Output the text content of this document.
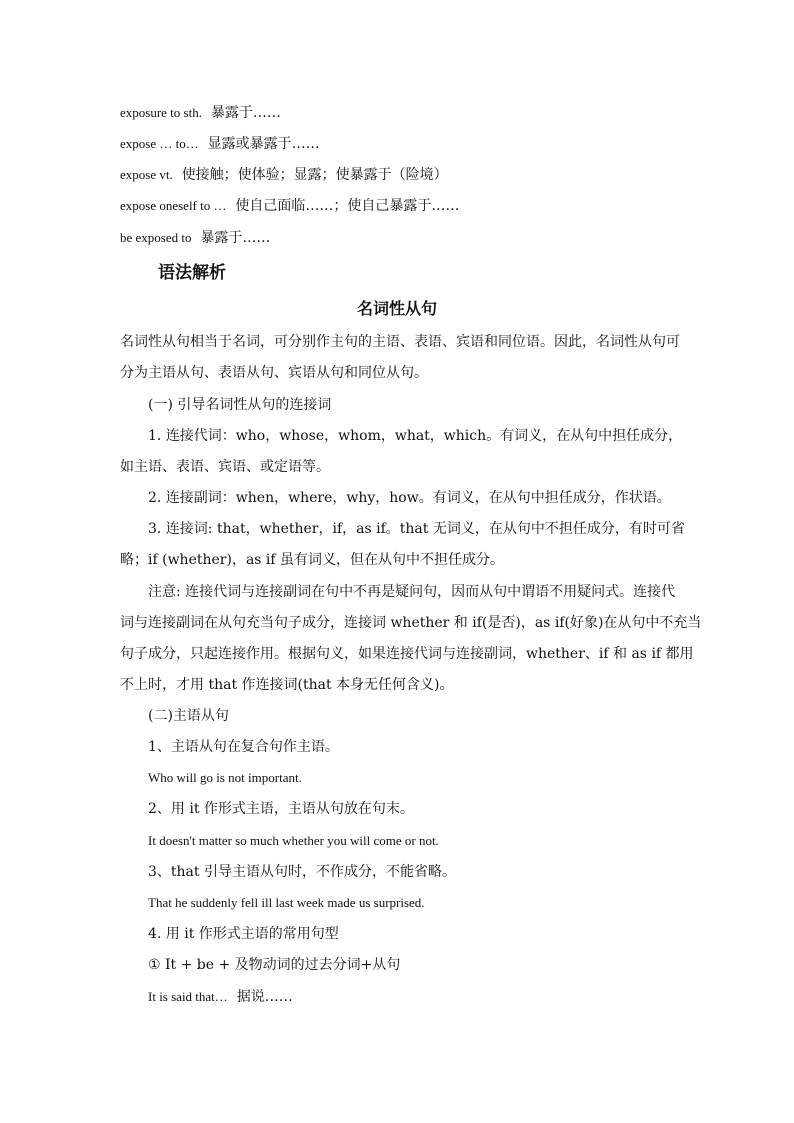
exposure to sth. 暴露于……
expose … to… 显露或暴露于……
expose vt. 使接触；使体验；显露；使暴露于（险境）
expose oneself to … 使自己面临……；使自己暴露于……
be exposed to 暴露于……
语法解析
名词性从句
名词性从句相当于名词，可分别作主句的主语、表语、宾语和同位语。因此，名词性从句可
分为主语从句、表语从句、宾语从句和同位从句。
(一) 引导名词性从句的连接词
1. 连接代词：who，whose，whom，what，which。有词义，在从句中担任成分，
如主语、表语、宾语、或定语等。
2. 连接副词：when，where，why，how。有词义，在从句中担任成分，作状语。
3. 连接词: that，whether，if，as if。that 无词义，在从句中不担任成分，有时可省
略；if (whether)，as if 虽有词义，但在从句中不担任成分。
注意: 连接代词与连接副词在句中不再是疑问句，因而从句中谓语不用疑问式。连接代
词与连接副词在从句充当句子成分，连接词 whether 和 if(是否)，as if(好象)在从句中不充当
句子成分，只起连接作用。根据句义，如果连接代词与连接副词，whether、if 和 as if 都用
不上时，才用 that 作连接词(that 本身无任何含义)。
(二)主语从句
1、主语从句在复合句作主语。
Who will go is not important.
2、用 it 作形式主语，主语从句放在句末。
It doesn't matter so much whether you will come or not.
3、that 引导主语从句时，不作成分，不能省略。
That he suddenly fell ill last week made us surprised.
4. 用 it 作形式主语的常用句型
① It + be + 及物动词的过去分词+从句
It is said that… 据说……
